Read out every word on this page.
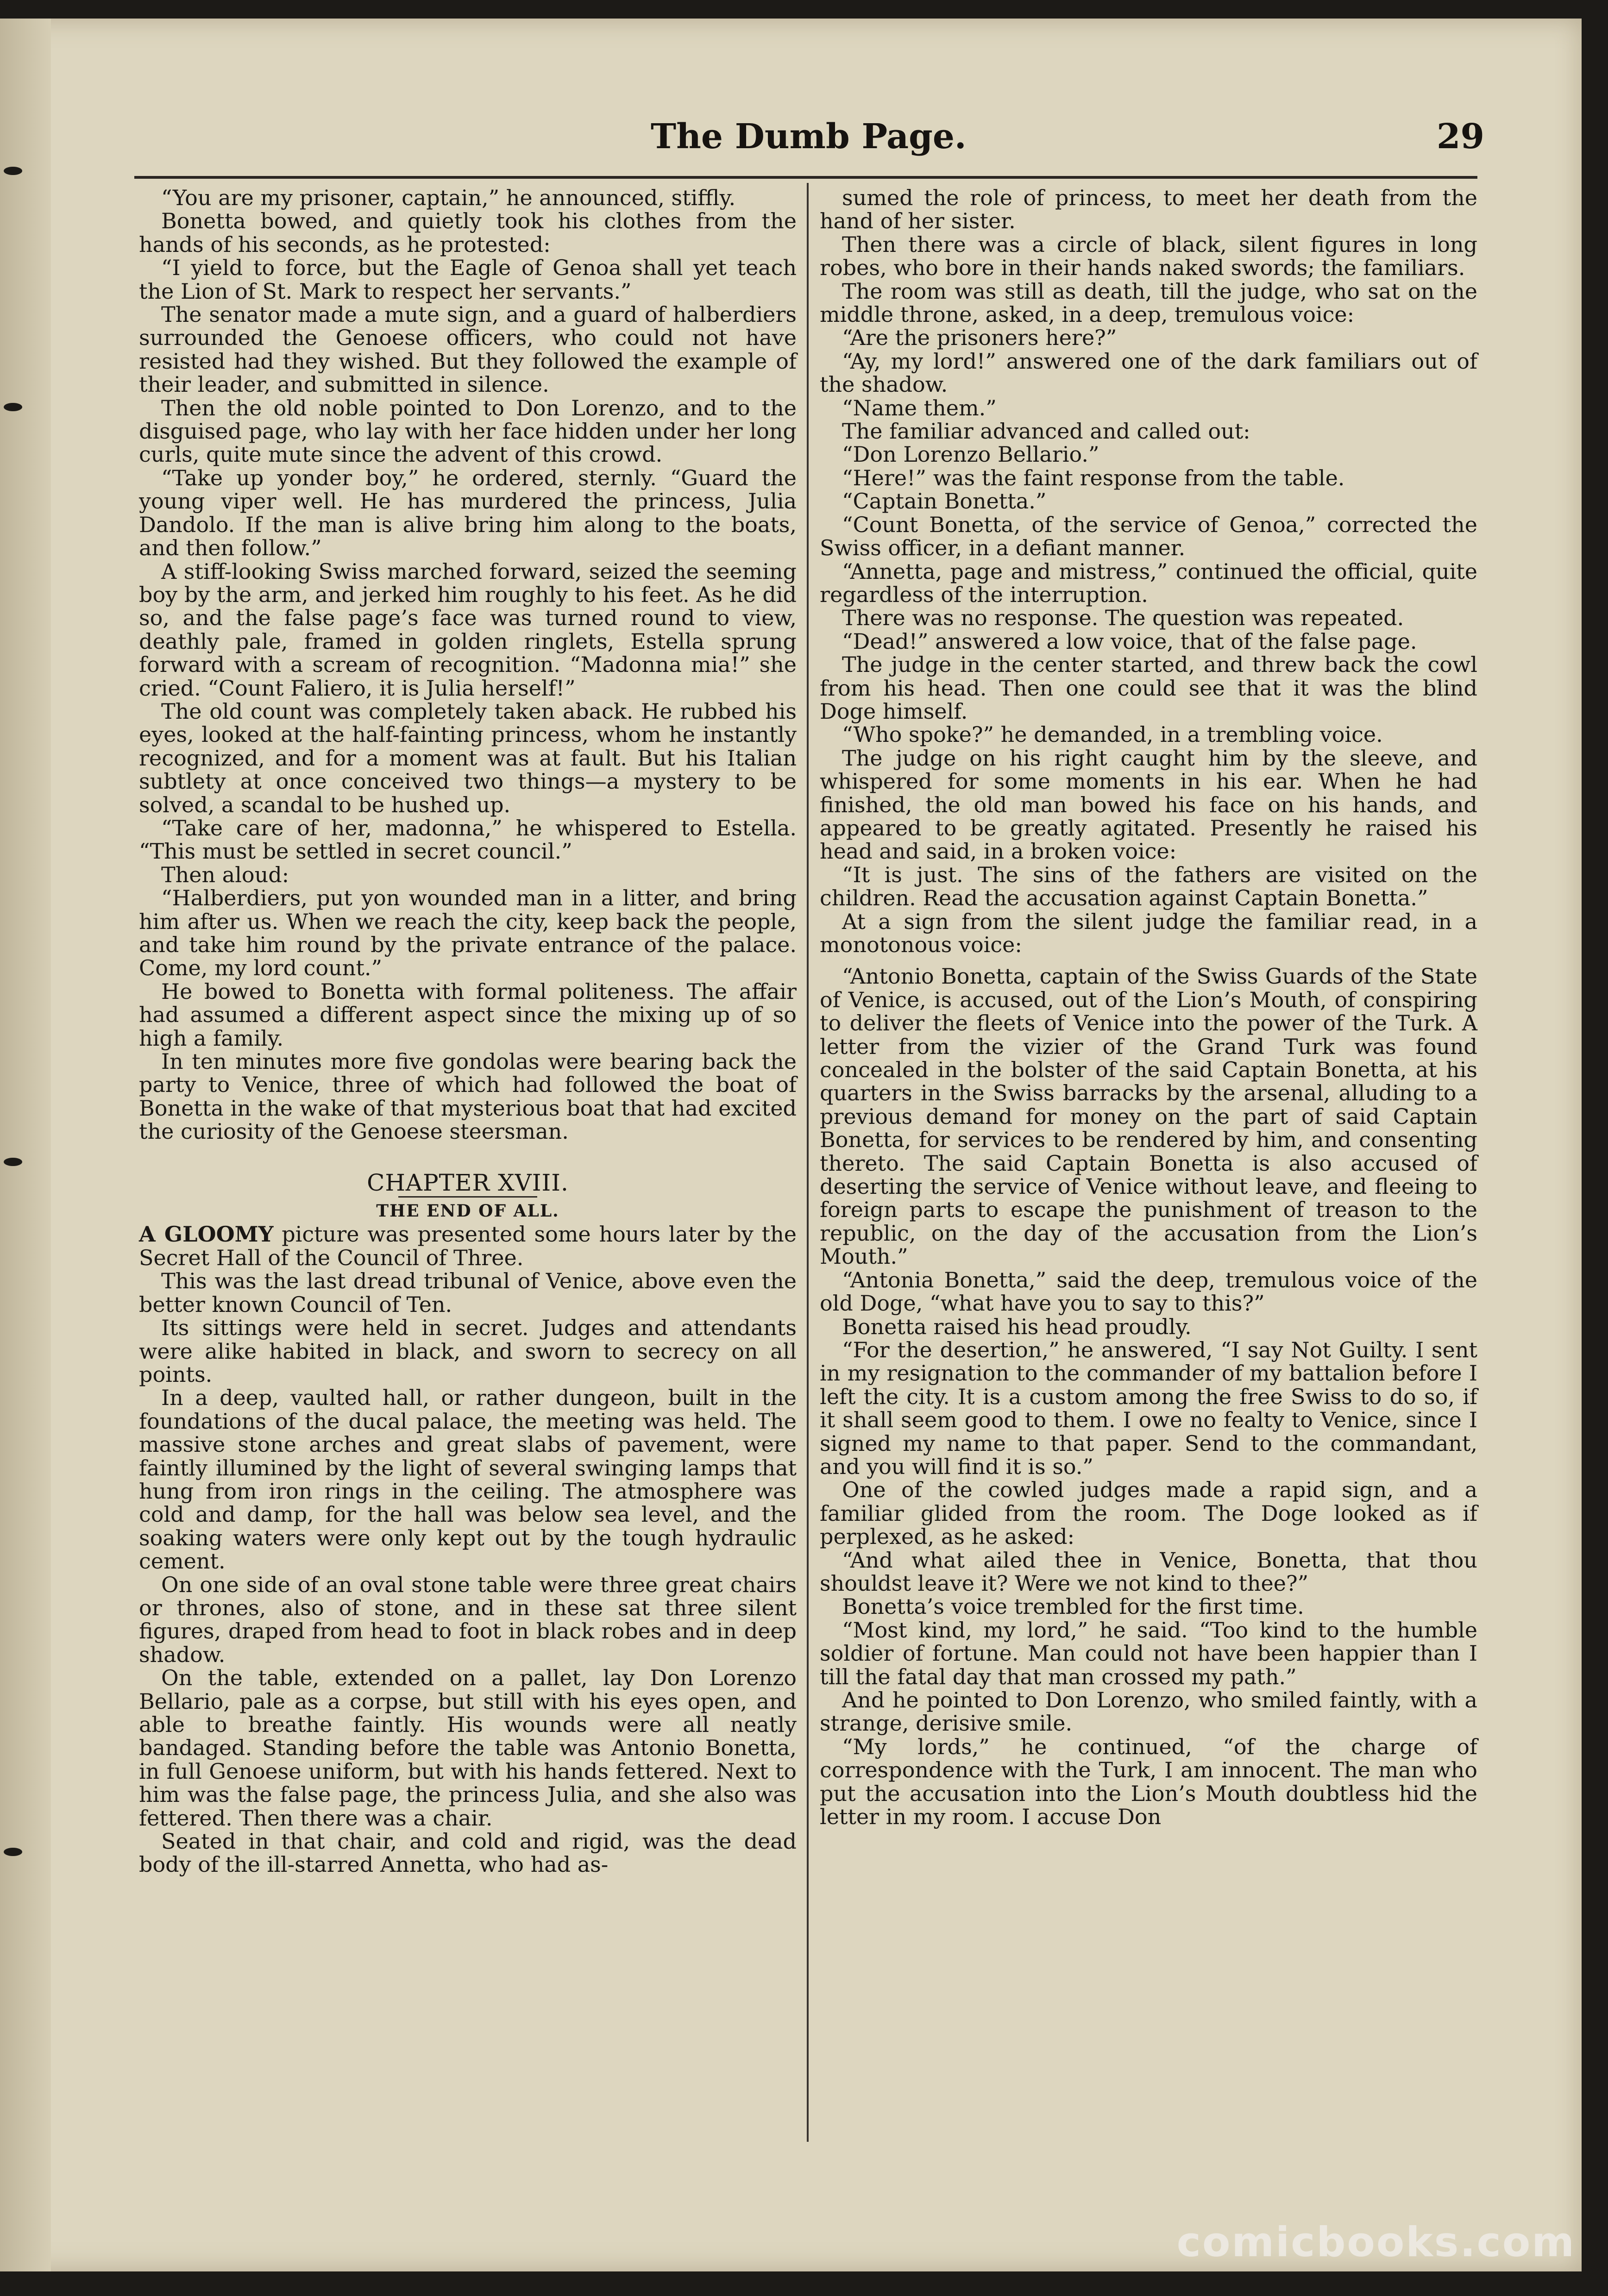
The Dumb Page.	29

“You are my prisoner, captain,” he announced, stiffly.

Bonetta bowed, and quietly took his clothes from the hands of his seconds, as he protested:

“I yield to force, but the Eagle of Genoa shall yet teach the Lion of St. Mark to respect her servants.”

The senator made a mute sign, and a guard of halberdiers surrounded the Genoese officers, who could not have resisted had they wished. But they followed the example of their leader, and submitted in silence.

Then the old noble pointed to Don Lorenzo, and to the disguised page, who lay with her face hidden under her long curls, quite mute since the advent of this crowd.

“Take up yonder boy,” he ordered, sternly. “Guard the young viper well. He has murdered the princess, Julia Dandolo. If the man is alive bring him along to the boats, and then follow.”

A stiff-looking Swiss marched forward, seized the seeming boy by the arm, and jerked him roughly to his feet. As he did so, and the false page’s face was turned round to view, deathly pale, framed in golden ringlets, Estella sprung forward with a scream of recognition. “Madonna mia!” she cried. “Count Faliero, it is Julia herself!”

The old count was completely taken aback. He rubbed his eyes, looked at the half-fainting princess, whom he instantly recognized, and for a moment was at fault. But his Italian subtlety at once conceived two things—a mystery to be solved, a scandal to be hushed up.

“Take care of her, madonna,” he whispered to Estella. “This must be settled in secret council.”

Then aloud:

“Halberdiers, put yon wounded man in a litter, and bring him after us. When we reach the city, keep back the people, and take him round by the private entrance of the palace. Come, my lord count.”

He bowed to Bonetta with formal politeness. The affair had assumed a different aspect since the mixing up of so high a family.

In ten minutes more five gondolas were bearing back the party to Venice, three of which had followed the boat of Bonetta in the wake of that mysterious boat that had excited the curiosity of the Genoese steersman.

CHAPTER XVIII.
THE END OF ALL.

A GLOOMY picture was presented some hours later by the Secret Hall of the Council of Three.

This was the last dread tribunal of Venice, above even the better known Council of Ten.

Its sittings were held in secret. Judges and attendants were alike habited in black, and sworn to secrecy on all points.

In a deep, vaulted hall, or rather dungeon, built in the foundations of the ducal palace, the meeting was held. The massive stone arches and great slabs of pavement, were faintly illumined by the light of several swinging lamps that hung from iron rings in the ceiling. The atmosphere was cold and damp, for the hall was below sea level, and the soaking waters were only kept out by the tough hydraulic cement.

On one side of an oval stone table were three great chairs or thrones, also of stone, and in these sat three silent figures, draped from head to foot in black robes and in deep shadow.

On the table, extended on a pallet, lay Don Lorenzo Bellario, pale as a corpse, but still with his eyes open, and able to breathe faintly. His wounds were all neatly bandaged. Standing before the table was Antonio Bonetta, in full Genoese uniform, but with his hands fettered. Next to him was the false page, the princess Julia, and she also was fettered. Then there was a chair.

Seated in that chair, and cold and rigid, was the dead body of the ill-starred Annetta, who had as-

sumed the role of princess, to meet her death from the hand of her sister.

Then there was a circle of black, silent figures in long robes, who bore in their hands naked swords; the familiars.

The room was still as death, till the judge, who sat on the middle throne, asked, in a deep, tremulous voice:

“Are the prisoners here?”

“Ay, my lord!” answered one of the dark familiars out of the shadow.

“Name them.”

The familiar advanced and called out:

“Don Lorenzo Bellario.”

“Here!” was the faint response from the table.

“Captain Bonetta.”

“Count Bonetta, of the service of Genoa,” corrected the Swiss officer, in a defiant manner.

“Annetta, page and mistress,” continued the official, quite regardless of the interruption.

There was no response. The question was repeated.

“Dead!” answered a low voice, that of the false page.

The judge in the center started, and threw back the cowl from his head. Then one could see that it was the blind Doge himself.

“Who spoke?” he demanded, in a trembling voice.

The judge on his right caught him by the sleeve, and whispered for some moments in his ear. When he had finished, the old man bowed his face on his hands, and appeared to be greatly agitated. Presently he raised his head and said, in a broken voice:

“It is just. The sins of the fathers are visited on the children. Read the accusation against Captain Bonetta.”

At a sign from the silent judge the familiar read, in a monotonous voice:

“Antonio Bonetta, captain of the Swiss Guards of the State of Venice, is accused, out of the Lion’s Mouth, of conspiring to deliver the fleets of Venice into the power of the Turk. A letter from the vizier of the Grand Turk was found concealed in the bolster of the said Captain Bonetta, at his quarters in the Swiss barracks by the arsenal, alluding to a previous demand for money on the part of said Captain Bonetta, for services to be rendered by him, and consenting thereto. The said Captain Bonetta is also accused of deserting the service of Venice without leave, and fleeing to foreign parts to escape the punishment of treason to the republic, on the day of the accusation from the Lion’s Mouth.”

“Antonia Bonetta,” said the deep, tremulous voice of the old Doge, “what have you to say to this?”

Bonetta raised his head proudly.

“For the desertion,” he answered, “I say Not Guilty. I sent in my resignation to the commander of my battalion before I left the city. It is a custom among the free Swiss to do so, if it shall seem good to them. I owe no fealty to Venice, since I signed my name to that paper. Send to the commandant, and you will find it is so.”

One of the cowled judges made a rapid sign, and a familiar glided from the room. The Doge looked as if perplexed, as he asked:

“And what ailed thee in Venice, Bonetta, that thou shouldst leave it? Were we not kind to thee?”

Bonetta’s voice trembled for the first time.

“Most kind, my lord,” he said. “Too kind to the humble soldier of fortune. Man could not have been happier than I till the fatal day that man crossed my path.”

And he pointed to Don Lorenzo, who smiled faintly, with a strange, derisive smile.

“My lords,” he continued, “of the charge of correspondence with the Turk, I am innocent. The man who put the accusation into the Lion’s Mouth doubtless hid the letter in my room. I accuse Don

comicbooks.com
